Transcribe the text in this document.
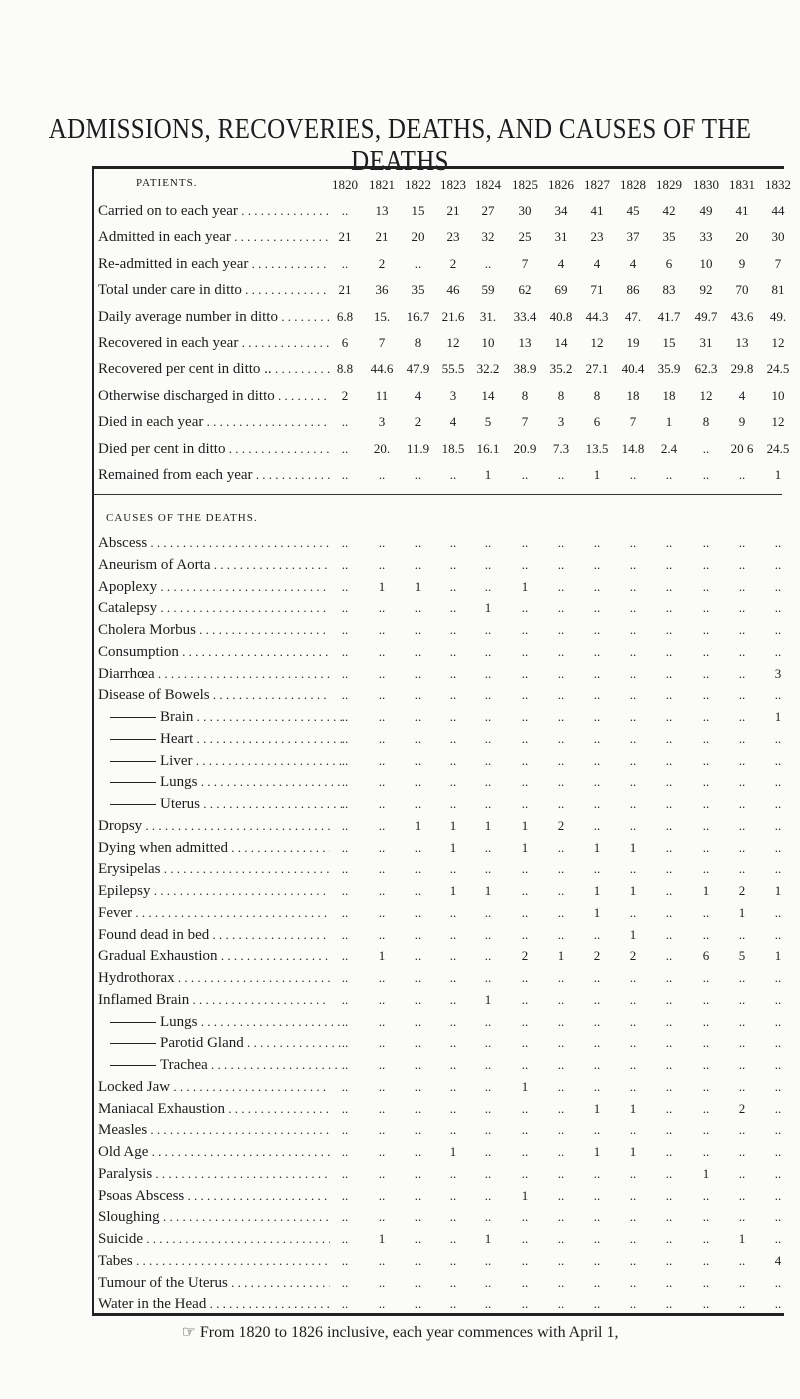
ADMISSIONS, RECOVERIES, DEATHS, AND CAUSES OF THE DEATHS
PATIENTS.	1820 1821 1822 1823 1824 1825 1826 1827 1828 1829 1830 1831 1832
Carried on to each year . . .	..	13	15	21	27	30	34	41	45	42	49	41	44
Admitted in each year . . .	21	21	20	23	32	25	31	23	37	35	33	20	30
Re-admitted in each year . . .	..	2	..	2	..	7	4	4	4	6	10	9	7
Total under care in ditto . . .	21	36	35	46	59	62	69	71	86	83	92	70	81
Daily average number in ditto . . .	6.8	15.	16.7 21.6	31.	33.4	40.8	44.3	47.	41.7	49.7	43.6	49.
Recovered in each year . . .	6	7	8	12	10	13	14	12	19	15	31	13	12
Recovered per cent in ditto .. . . .	8.8	44.6	47.9 55.5 32.2	38.9	35.2	27.1	40.4	35.9	62.3	29.8	24.5
Otherwise discharged in ditto . . .	2	11	4	3	14	8	8	8	18	18	12	4	10
Died in each year . . .	..	3	2	4	5	7	3	6	7	1	8	9	12
Died per cent in ditto . . .	..	20.	11.9 18.5 16.1	20.9	7.3	13.5	14.8	2.4	..	20 6	24.5
Remained from each year . . .	..	..	..	..	1	..	..	1	..	..	..	..	1
CAUSES OF THE DEATHS.
Abscess . . .	..	..	..	..	..	..	..	..	..	..	..	..	..
Aneurism of Aorta . . .	..	..	..	..	..	..	..	..	..	..	..	..	..
Apoplexy . . .	..	1	1	..	..	1	..	..	..	..	..	..	..
Catalepsy . . .	..	..	..	..	1	..	..	..	..	..	..	..	..
Cholera Morbus . . .	..	..	..	..	..	..	..	..	..	..	..	..	..
Consumption . . .	..	..	..	..	..	..	..	..	..	..	..	..	..
Diarrhœa . . .	..	..	..	..	..	..	..	..	..	..	..	..	3
Disease of Bowels . . .	..	..	..	..	..	..	..	..	..	..	..	..	..
Brain . . .	..	..	..	..	..	..	..	..	..	..	..	..	1
Heart . . .	..	..	..	..	..	..	..	..	..	..	..	..	..
Liver . . .	..	..	..	..	..	..	..	..	..	..	..	..	..
Lungs . . .	..	..	..	..	..	..	..	..	..	..	..	..	..
Uterus . . .	..	..	..	..	..	..	..	..	..	..	..	..	..
Dropsy . . .	..	..	1	1	1	1	2	..	..	..	..	..	..
Dying when admitted . . .	..	..	..	1	..	1	..	1	1	..	..	..	..
Erysipelas . . .	..	..	..	..	..	..	..	..	..	..	..	..	..
Epilepsy . . .	..	..	..	1	1	..	..	1	1	..	1	2	1
Fever . . .	..	..	..	..	..	..	..	1	..	..	..	1	..
Found dead in bed . . .	..	..	..	..	..	..	..	..	1	..	..	..	..
Gradual Exhaustion . . .	..	1	..	..	..	2	1	2	2	..	6	5	1
Hydrothorax . . .	..	..	..	..	..	..	..	..	..	..	..	..	..
Inflamed Brain . . .	..	..	..	..	1	..	..	..	..	..	..	..	..
Lungs . . .	..	..	..	..	..	..	..	..	..	..	..	..	..
Parotid Gland . . .	..	..	..	..	..	..	..	..	..	..	..	..	..
Trachea . . .	..	..	..	..	..	..	..	..	..	..	..	..	..
Locked Jaw . . .	..	..	..	..	..	1	..	..	..	..	..	..	..
Maniacal Exhaustion . . .	..	..	..	..	..	..	..	1	1	..	..	2	..
Measles . . .	..	..	..	..	..	..	..	..	..	..	..	..	..
Old Age . . .	..	..	..	1	..	..	..	1	1	..	..	..	..
Paralysis . . .	..	..	..	..	..	..	..	..	..	..	1	..	..
Psoas Abscess . . .	..	..	..	..	..	1	..	..	..	..	..	..	..
Sloughing . . .	..	..	..	..	..	..	..	..	..	..	..	..	..
Suicide . . .	..	1	..	..	1	..	..	..	..	..	..	1	..
Tabes . . .	..	..	..	..	..	..	..	..	..	..	..	..	4
Tumour of the Uterus . . .	..	..	..	..	..	..	..	..	..	..	..	..	..
Water in the Head . . .	..	..	..	..	..	..	..	..	..	..	..	..	..
☞ From 1820 to 1826 inclusive, each year commences with April 1,
